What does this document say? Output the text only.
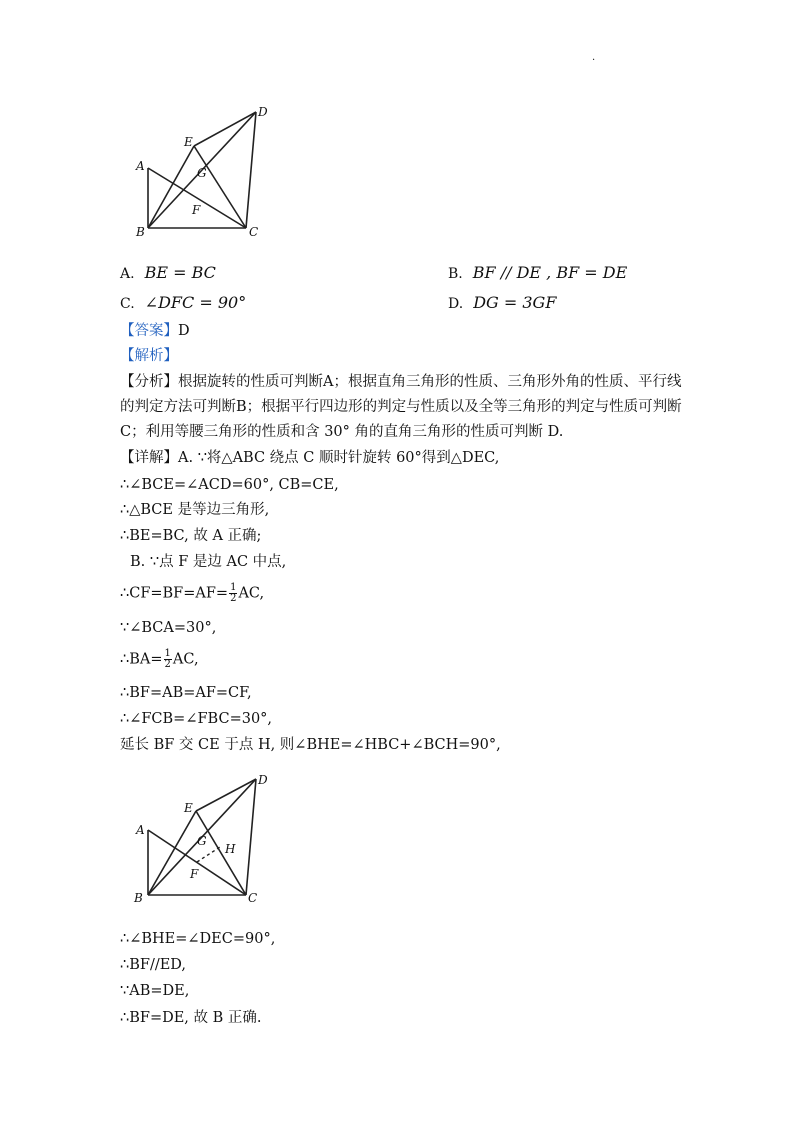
.
A
B	C
D
E
F
G
A. BE = BC	B. BF // DE , BF = DE
C. ∠DFC = 90°	D. DG = 3GF
【答案】D
【解析】
【分析】根据旋转的性质可判断A；根据直角三角形的性质、三角形外角的性质、平行线
的判定方法可判断B；根据平行四边形的判定与性质以及全等三角形的判定与性质可判断
C；利用等腰三角形的性质和含 30° 角的直角三角形的性质可判断 D.
【详解】A. ∵将△ABC 绕点 C 顺时针旋转 60°得到△DEC,
∴∠BCE=∠ACD=60°, CB=CE,
∴△BCE 是等边三角形,
∴BE=BC, 故 A 正确;
B. ∵点 F 是边 AC 中点,
∴CF=BF=AF= $\frac{1}{2}$ AC,
∵∠BCA=30°,
∴BA= $\frac{1}{2}$ AC,
∴BF=AB=AF=CF,
∴∠FCB=∠FBC=30°,
延长 BF 交 CE 于点 H, 则∠BHE=∠HBC+∠BCH=90°,
A
B	C
D
E
F
G
H
∴∠BHE=∠DEC=90°,
∴BF//ED,
∵AB=DE,
∴BF=DE, 故 B 正确.
